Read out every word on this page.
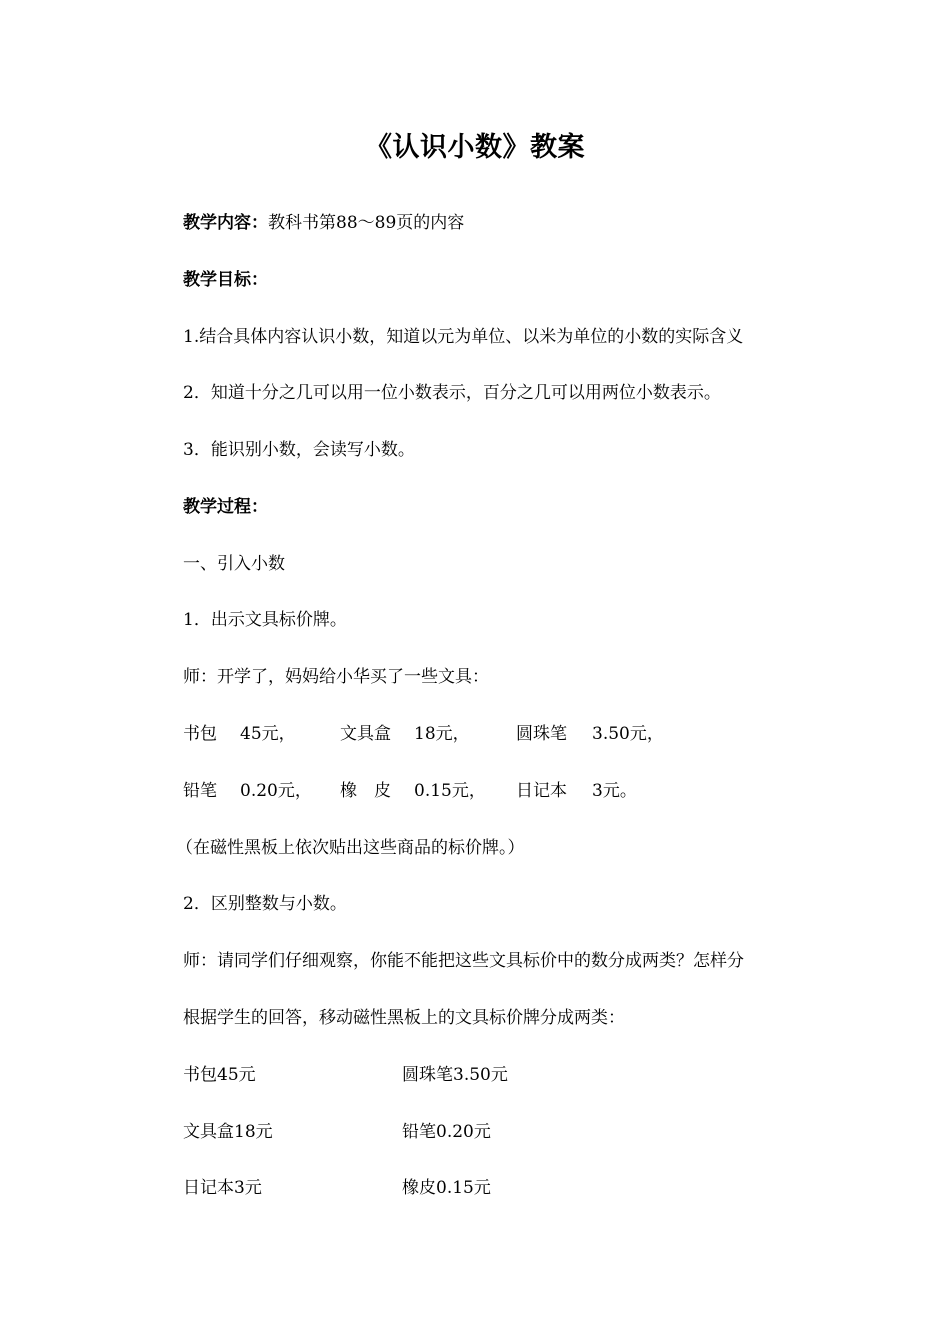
《认识小数》教案
教学内容：教科书第88～89页的内容
教学目标：
1.结合具体内容认识小数，知道以元为单位、以米为单位的小数的实际含义
2．知道十分之几可以用一位小数表示，百分之几可以用两位小数表示。
3．能识别小数，会读写小数。
教学过程：
一、引入小数
1．出示文具标价牌。
师：开学了，妈妈给小华买了一些文具：
书包 45元，	文具盒 18元，	圆珠笔 3.50元，
铅笔 0.20元， 橡　皮 0.15元， 日记本 3元。
（在磁性黑板上依次贴出这些商品的标价牌。）
2．区别整数与小数。
师：请同学们仔细观察，你能不能把这些文具标价中的数分成两类？怎样分
根据学生的回答，移动磁性黑板上的文具标价牌分成两类：
书包45元	圆珠笔3.50元
文具盒18元	铅笔0.20元
日记本3元	橡皮0.15元
